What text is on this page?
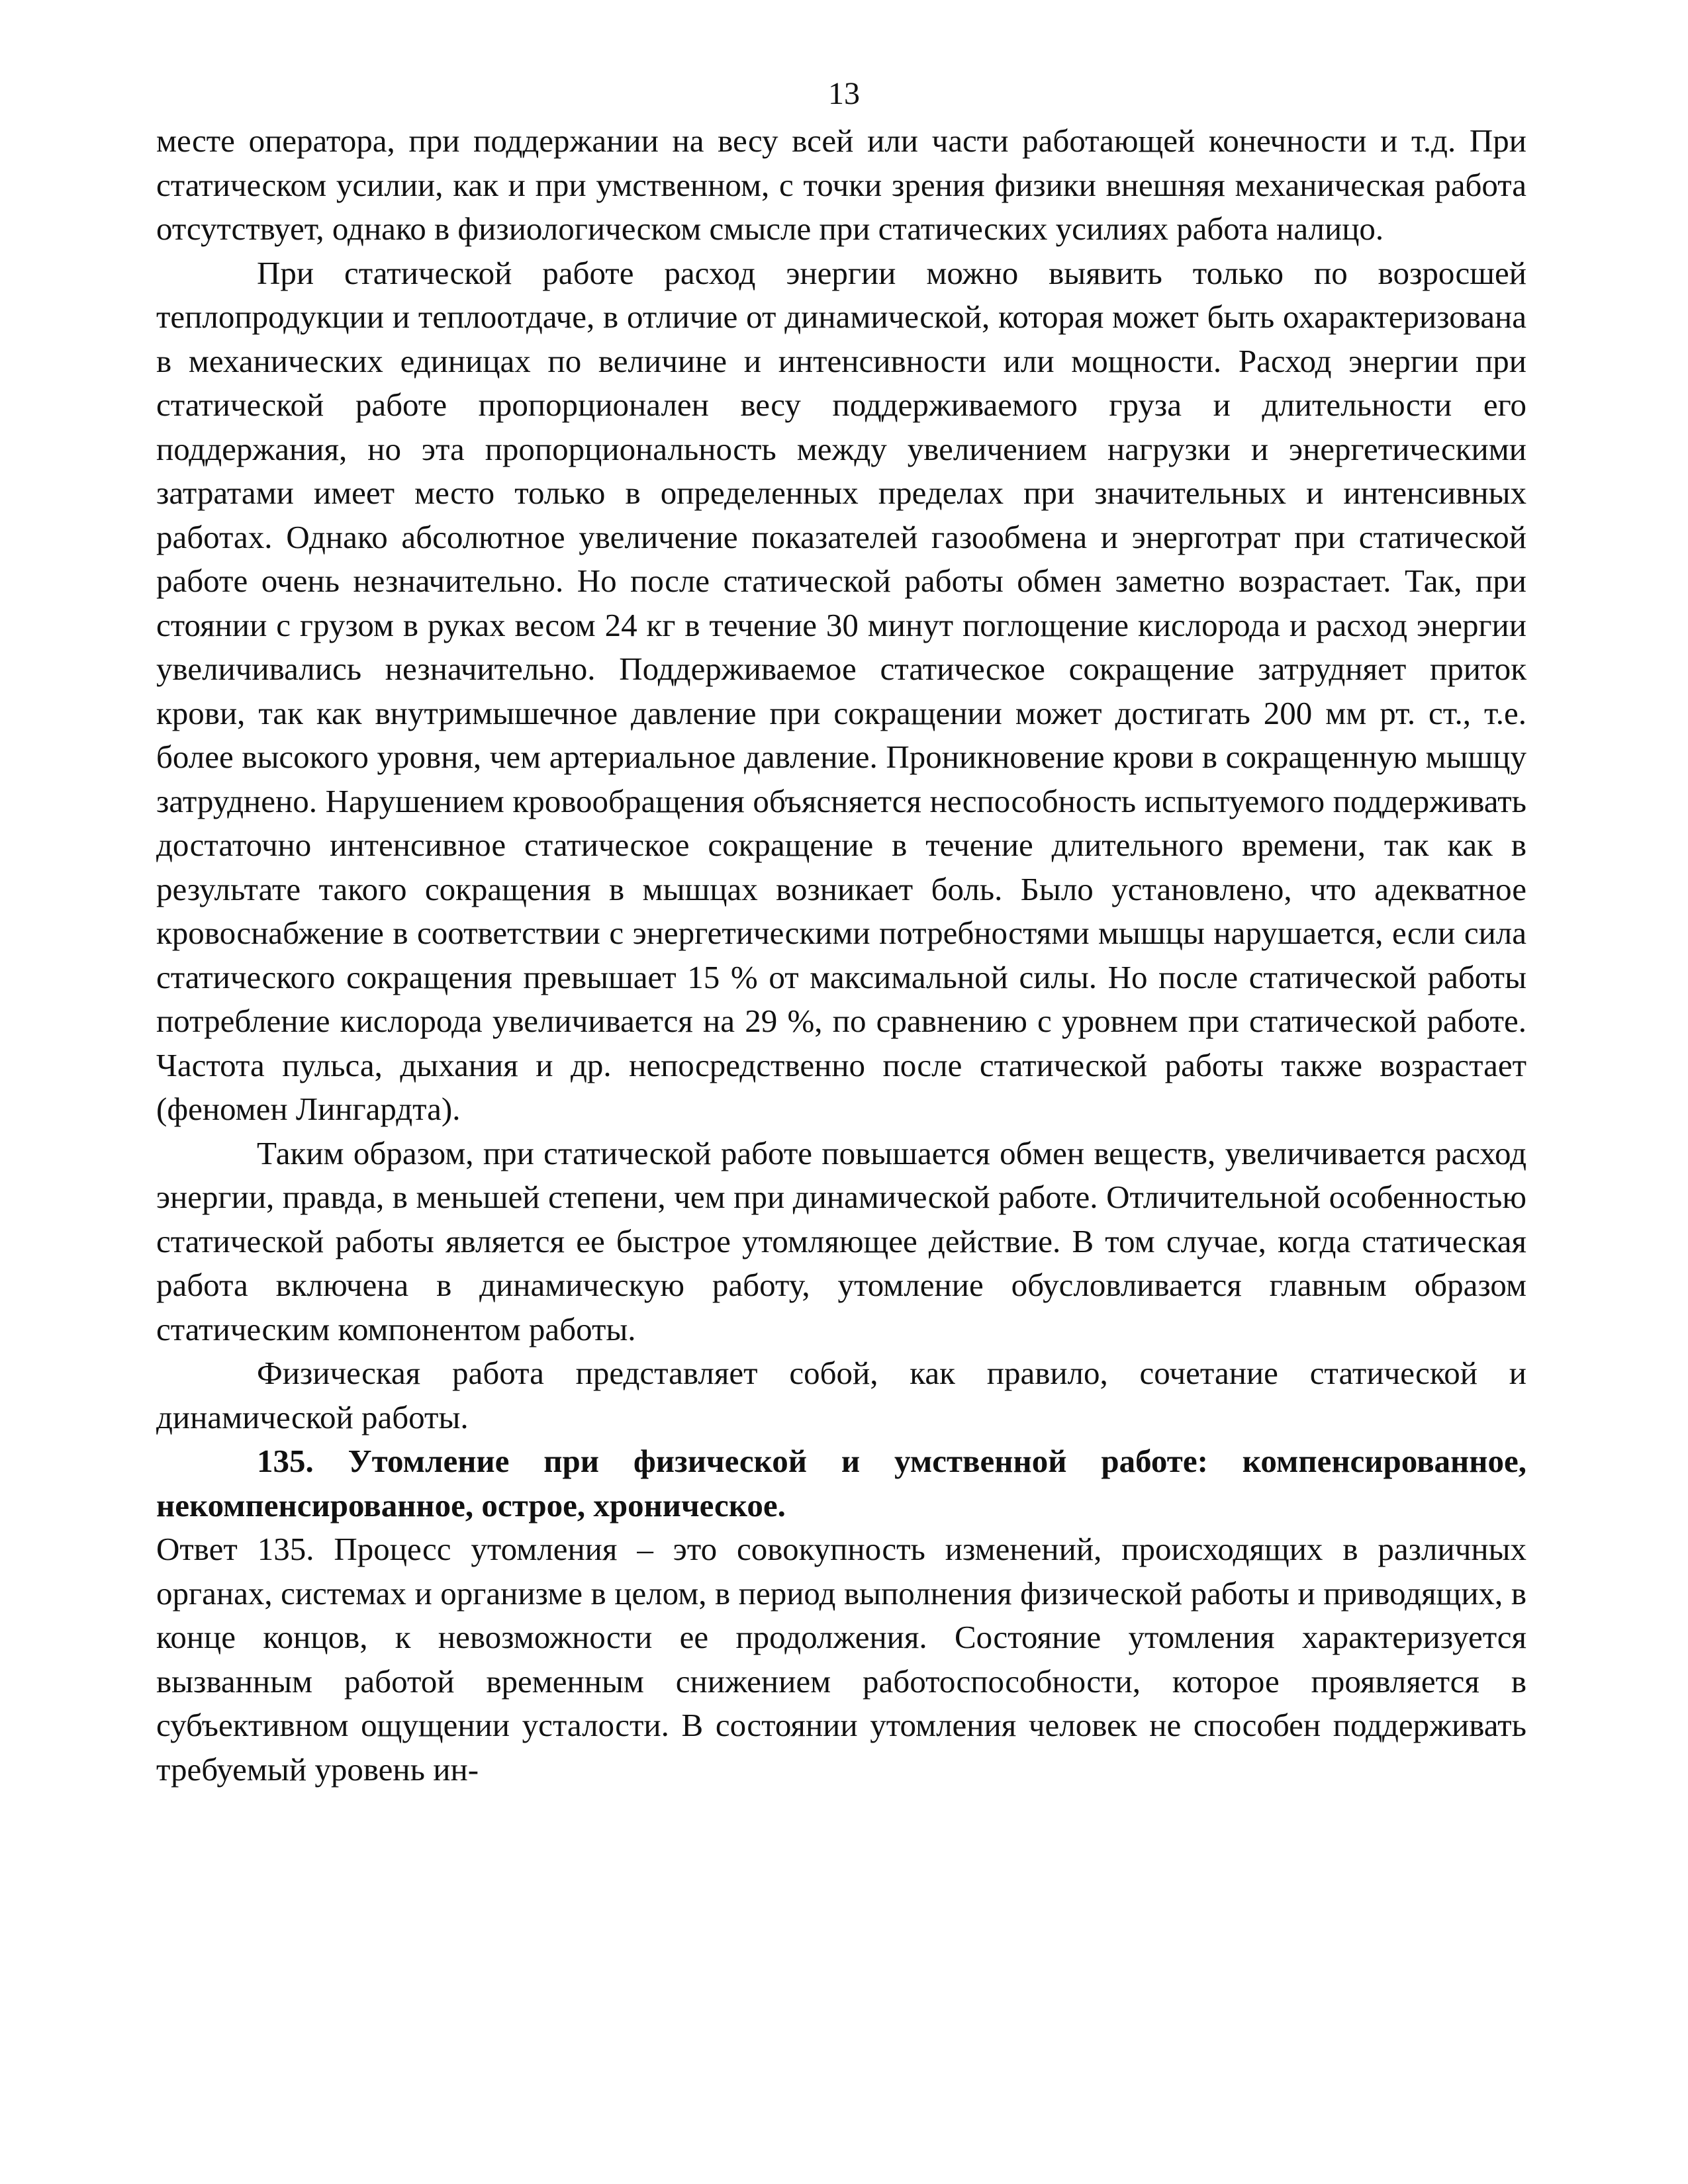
13

месте оператора, при поддержании на весу всей или части работающей конечности и т.д. При статическом усилии, как и при умственном, с точки зрения физики внешняя механическая работа отсутствует, однако в физиологическом смысле при статических усилиях работа налицо.

При статической работе расход энергии можно выявить только по возросшей теплопродукции и теплоотдаче, в отличие от динамической, которая может быть охарактеризована в механических единицах по величине и интенсивности или мощности. Расход энергии при статической работе пропорционален весу поддерживаемого груза и длительности его поддержания, но эта пропорциональность между увеличением нагрузки и энергетическими затратами имеет место только в определенных пределах при значительных и интенсивных работах. Однако абсолютное увеличение показателей газообмена и энерготрат при статической работе очень незначительно. Но после статической работы обмен заметно возрастает. Так, при стоянии с грузом в руках весом 24 кг в течение 30 минут поглощение кислорода и расход энергии увеличивались незначительно. Поддерживаемое статическое сокращение затрудняет приток крови, так как внутримышечное давление при сокращении может достигать 200 мм рт. ст., т.е. более высокого уровня, чем артериальное давление. Проникновение крови в сокращенную мышцу затруднено. Нарушением кровообращения объясняется неспособность испытуемого поддерживать достаточно интенсивное статическое сокращение в течение длительного времени, так как в результате такого сокращения в мышцах возникает боль. Было установлено, что адекватное кровоснабжение в соответствии с энергетическими потребностями мышцы нарушается, если сила статического сокращения превышает 15 % от максимальной силы. Но после статической работы потребление кислорода увеличивается на 29 %, по сравнению с уровнем при статической работе. Частота пульса, дыхания и др. непосредственно после статической работы также возрастает (феномен Лингардта).

Таким образом, при статической работе повышается обмен веществ, увеличивается расход энергии, правда, в меньшей степени, чем при динамической работе. Отличительной особенностью статической работы является ее быстрое утомляющее действие. В том случае, когда статическая работа включена в динамическую работу, утомление обусловливается главным образом статическим компонентом работы.

Физическая работа представляет собой, как правило, сочетание статической и динамической работы.

135. Утомление при физической и умственной работе: компенсированное, некомпенсированное, острое, хроническое.

Ответ 135. Процесс утомления – это совокупность изменений, происходящих в различных органах, системах и организме в целом, в период выполнения физической работы и приводящих, в конце концов, к невозможности ее продолжения. Состояние утомления характеризуется вызванным работой временным снижением работоспособности, которое проявляется в субъективном ощущении усталости. В состоянии утомления человек не способен поддерживать требуемый уровень ин-
